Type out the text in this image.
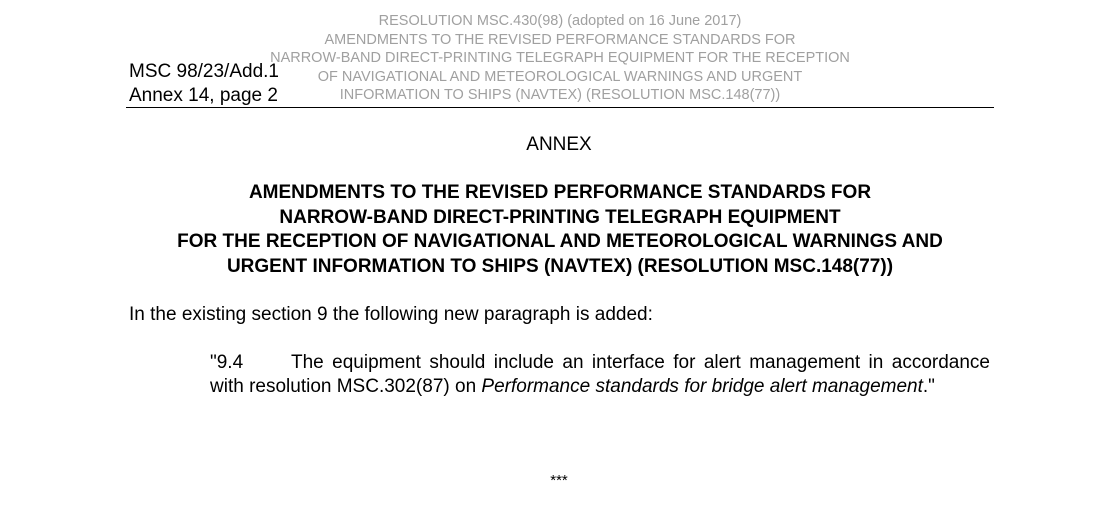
MSC 98/23/Add.1
Annex 14, page 2
RESOLUTION MSC.430(98) (adopted on 16 June 2017)
AMENDMENTS TO THE REVISED PERFORMANCE STANDARDS FOR
NARROW-BAND DIRECT-PRINTING TELEGRAPH EQUIPMENT FOR THE RECEPTION
OF NAVIGATIONAL AND METEOROLOGICAL WARNINGS AND URGENT
INFORMATION TO SHIPS (NAVTEX) (RESOLUTION MSC.148(77))
ANNEX
AMENDMENTS TO THE REVISED PERFORMANCE STANDARDS FOR
NARROW-BAND DIRECT-PRINTING TELEGRAPH EQUIPMENT
FOR THE RECEPTION OF NAVIGATIONAL AND METEOROLOGICAL WARNINGS AND
URGENT INFORMATION TO SHIPS (NAVTEX) (RESOLUTION MSC.148(77))
In the existing section 9 the following new paragraph is added:
"9.4	The equipment should include an interface for alert management in accordance with resolution MSC.302(87) on Performance standards for bridge alert management."
***
